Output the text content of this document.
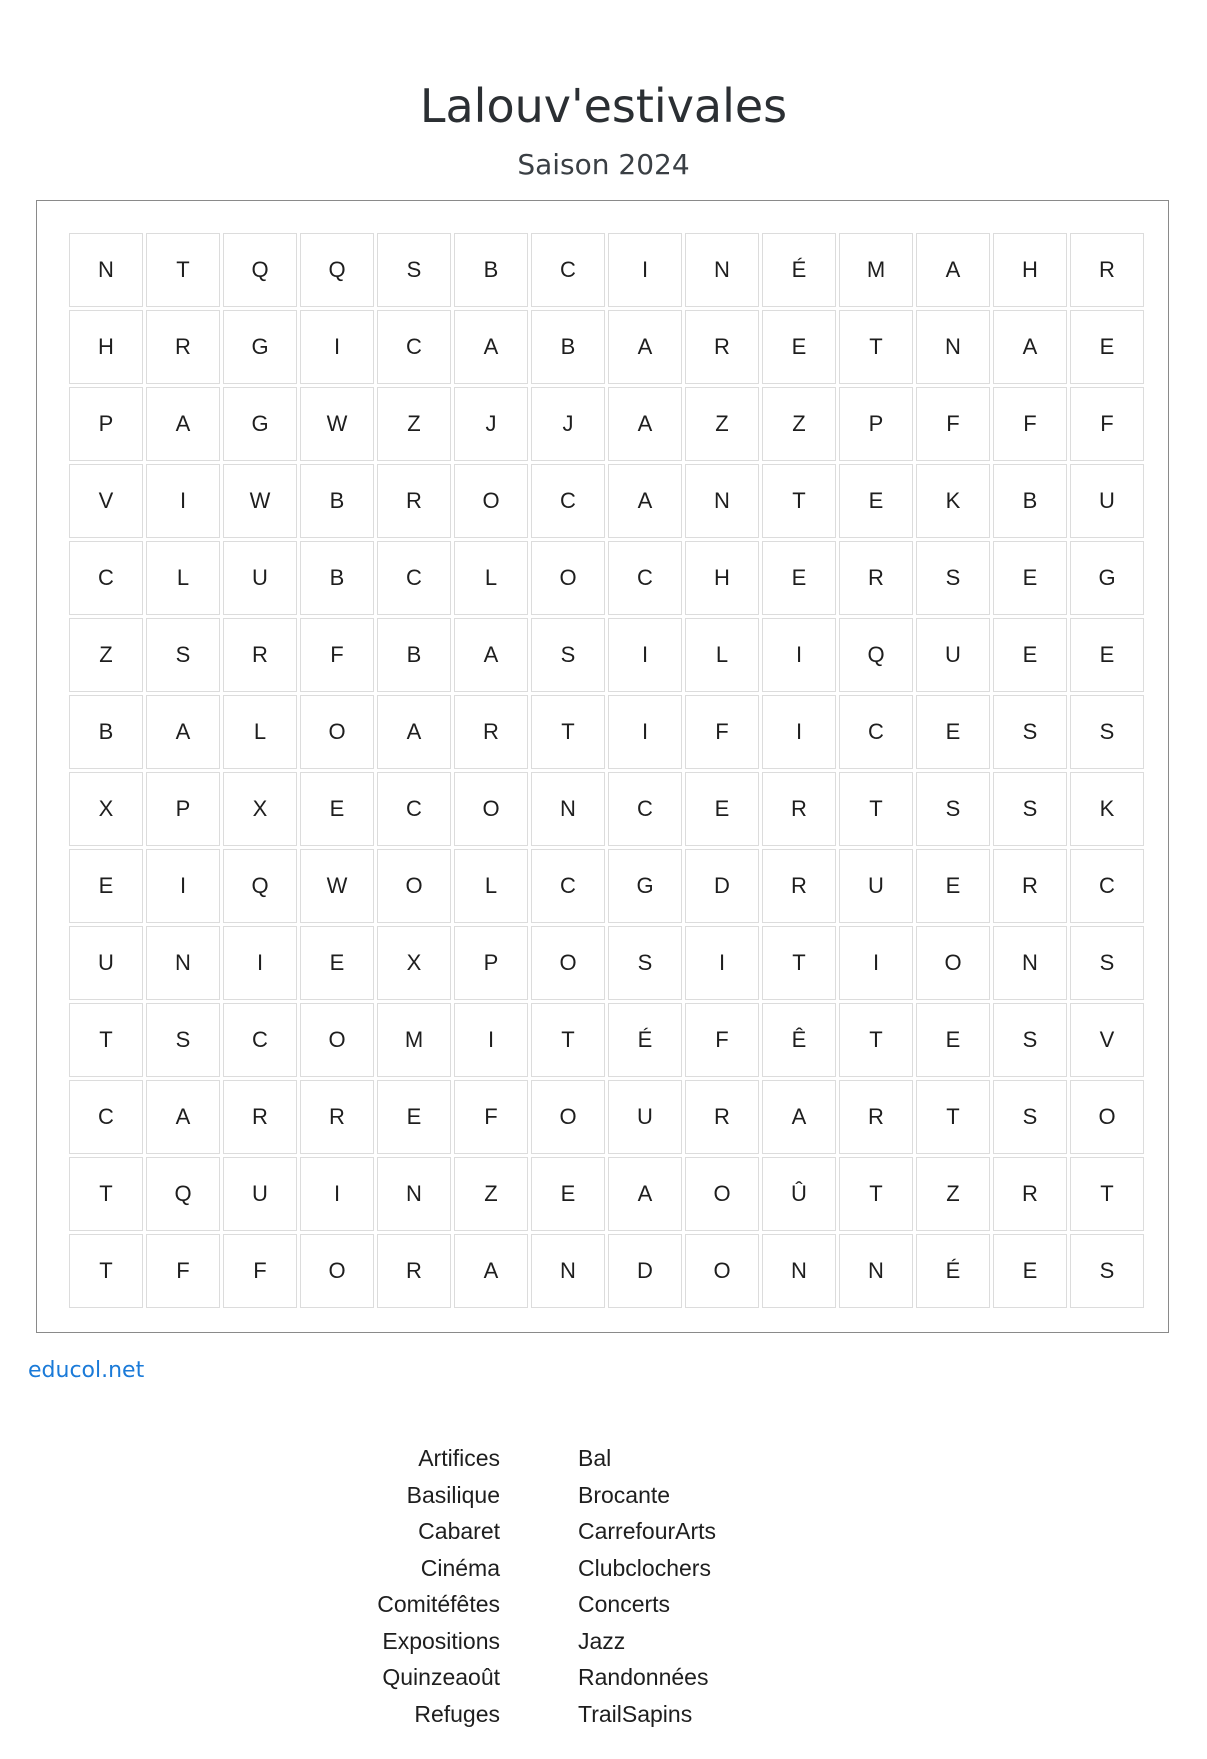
Lalouv'estivales
Saison 2024
N	T	Q	Q	S	B	C	I	N	É	M	A	H	R
H	R	G	I	C	A	B	A	R	E	T	N	A	E
P	A	G	W	Z	J	J	A	Z	Z	P	F	F	F
V	I	W	B	R	O	C	A	N	T	E	K	B	U
C	L	U	B	C	L	O	C	H	E	R	S	E	G
Z	S	R	F	B	A	S	I	L	I	Q	U	E	E
B	A	L	O	A	R	T	I	F	I	C	E	S	S
X	P	X	E	C	O	N	C	E	R	T	S	S	K
E	I	Q	W	O	L	C	G	D	R	U	E	R	C
U	N	I	E	X	P	O	S	I	T	I	O	N	S
T	S	C	O	M	I	T	É	F	Ê	T	E	S	V
C	A	R	R	E	F	O	U	R	A	R	T	S	O
T	Q	U	I	N	Z	E	A	O	Û	T	Z	R	T
T	F	F	O	R	A	N	D	O	N	N	É	E	S
educol.net
Artifices
Basilique
Cabaret
Cinéma
Comitéfêtes
Expositions
Quinzeaoût
Refuges
Bal
Brocante
CarrefourArts
Clubclochers
Concerts
Jazz
Randonnées
TrailSapins
